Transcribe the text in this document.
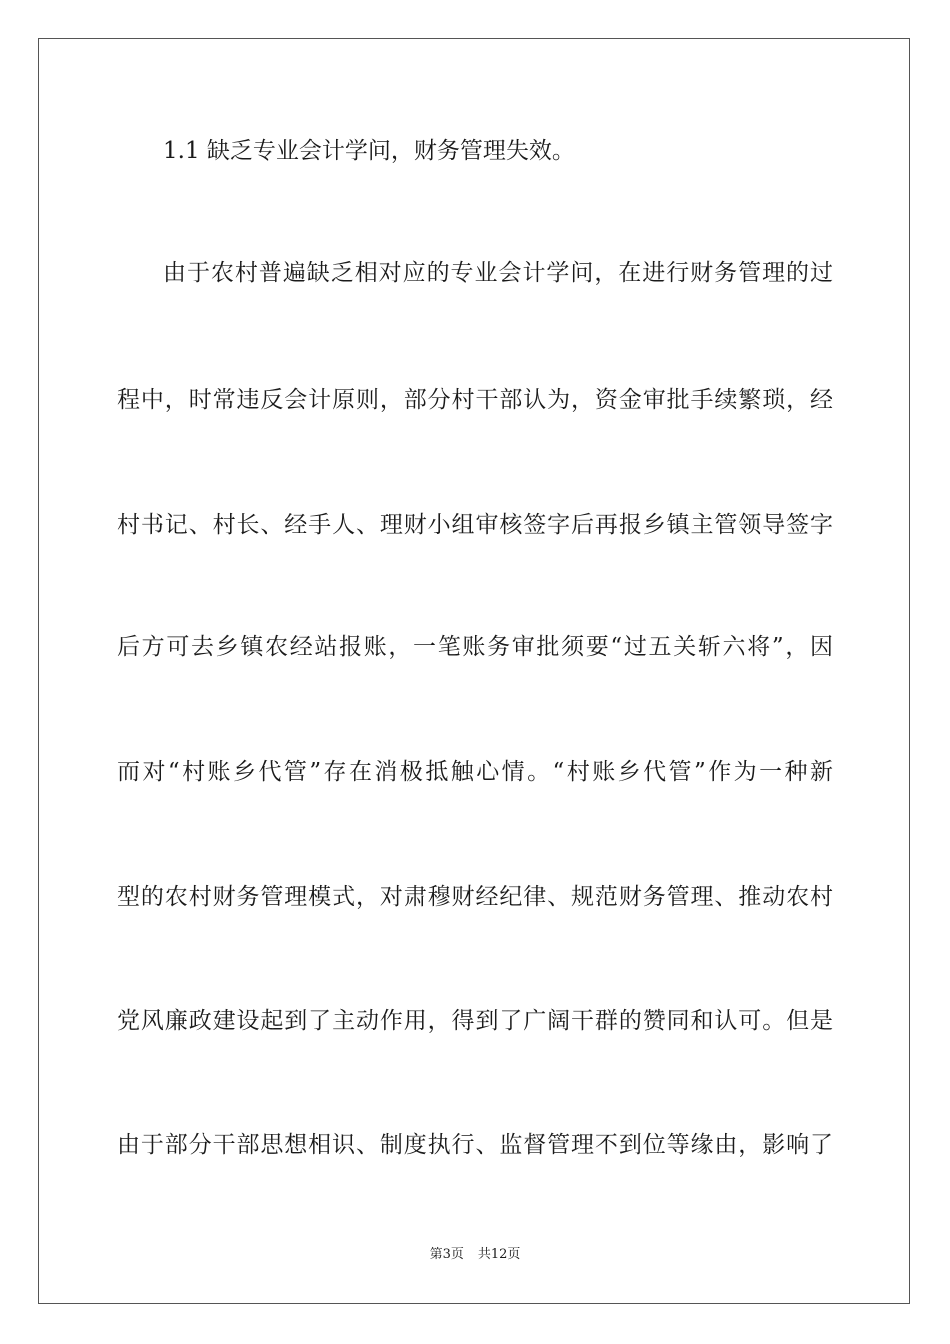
1.1 缺乏专业会计学问，财务管理失效。
由于农村普遍缺乏相对应的专业会计学问，在进行财务管理的过
程中，时常违反会计原则，部分村干部认为，资金审批手续繁琐，经
村书记、村长、经手人、理财小组审核签字后再报乡镇主管领导签字
后方可去乡镇农经站报账，一笔账务审批须要“过五关斩六将”，因
而对“村账乡代管”存在消极抵触心情。“村账乡代管”作为一种新
型的农村财务管理模式，对肃穆财经纪律、规范财务管理、推动农村
党风廉政建设起到了主动作用，得到了广阔干群的赞同和认可。但是
由于部分干部思想相识、制度执行、监督管理不到位等缘由，影响了
第3页 共12页
